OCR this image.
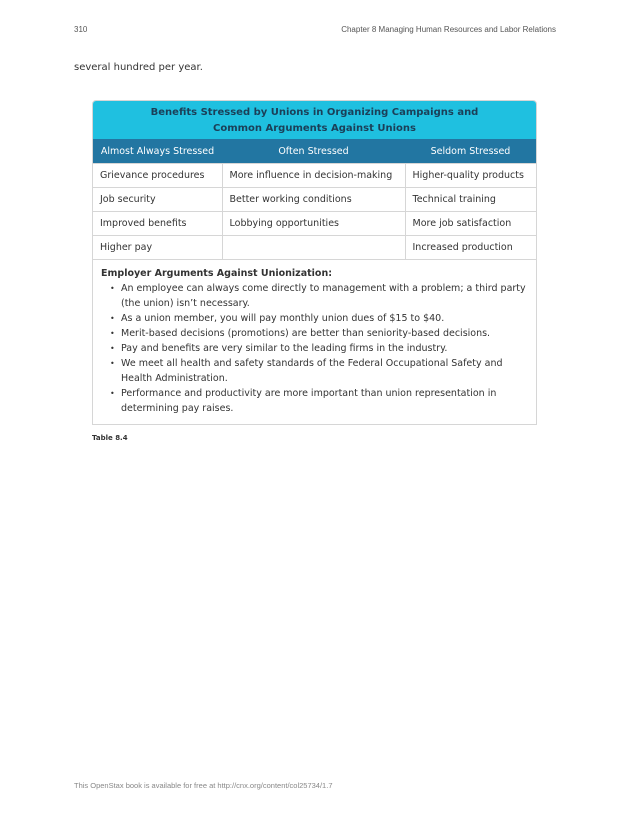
310	Chapter 8 Managing Human Resources and Labor Relations
several hundred per year.
Benefits Stressed by Unions in Organizing Campaigns and Common Arguments Against Unions
Almost Always Stressed	Often Stressed	Seldom Stressed
Grievance procedures	More influence in decision-making	Higher-quality products
Job security	Better working conditions	Technical training
Improved benefits	Lobbying opportunities	More job satisfaction
Higher pay		Increased production
Employer Arguments Against Unionization:
• An employee can always come directly to management with a problem; a third party (the union) isn’t necessary.
• As a union member, you will pay monthly union dues of $15 to $40.
• Merit-based decisions (promotions) are better than seniority-based decisions.
• Pay and benefits are very similar to the leading firms in the industry.
• We meet all health and safety standards of the Federal Occupational Safety and Health Administration.
• Performance and productivity are more important than union representation in determining pay raises.
Table 8.4
This OpenStax book is available for free at http://cnx.org/content/col25734/1.7
